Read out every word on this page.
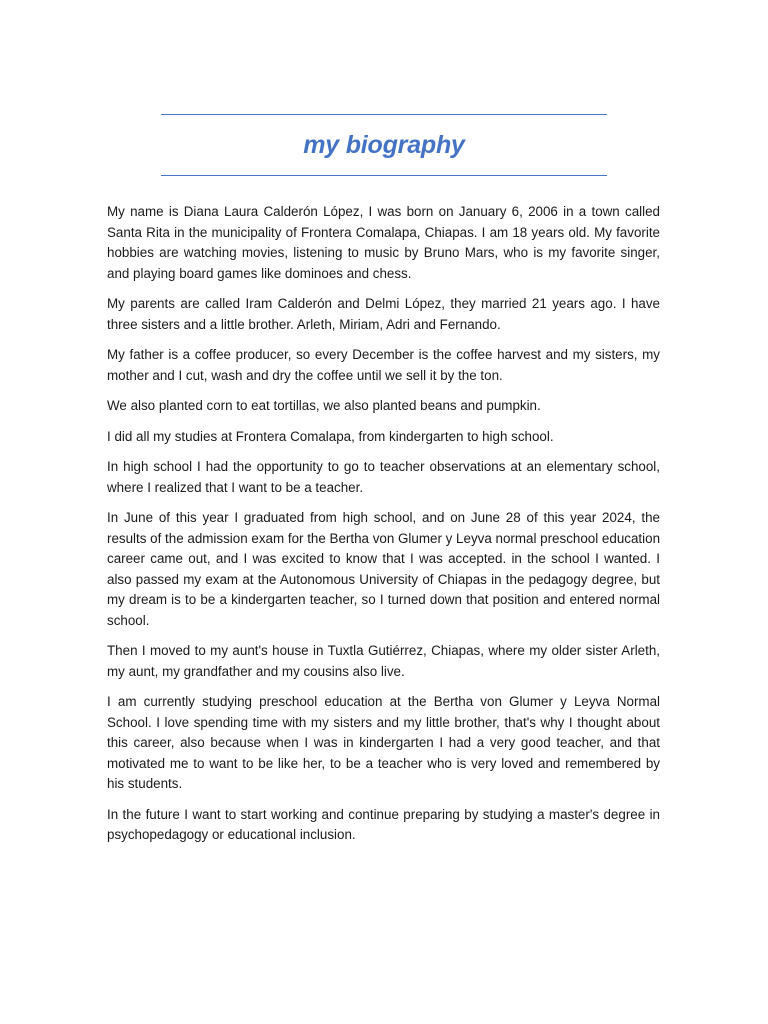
my biography

My name is Diana Laura Calderón López, I was born on January 6, 2006 in a town called Santa Rita in the municipality of Frontera Comalapa, Chiapas. I am 18 years old. My favorite hobbies are watching movies, listening to music by Bruno Mars, who is my favorite singer, and playing board games like dominoes and chess.

My parents are called Iram Calderón and Delmi López, they married 21 years ago. I have three sisters and a little brother. Arleth, Miriam, Adri and Fernando.

My father is a coffee producer, so every December is the coffee harvest and my sisters, my mother and I cut, wash and dry the coffee until we sell it by the ton.

We also planted corn to eat tortillas, we also planted beans and pumpkin.

I did all my studies at Frontera Comalapa, from kindergarten to high school.

In high school I had the opportunity to go to teacher observations at an elementary school, where I realized that I want to be a teacher.

In June of this year I graduated from high school, and on June 28 of this year 2024, the results of the admission exam for the Bertha von Glumer y Leyva normal preschool education career came out, and I was excited to know that I was accepted. in the school I wanted. I also passed my exam at the Autonomous University of Chiapas in the pedagogy degree, but my dream is to be a kindergarten teacher, so I turned down that position and entered normal school.

Then I moved to my aunt's house in Tuxtla Gutiérrez, Chiapas, where my older sister Arleth, my aunt, my grandfather and my cousins also live.

I am currently studying preschool education at the Bertha von Glumer y Leyva Normal School. I love spending time with my sisters and my little brother, that's why I thought about this career, also because when I was in kindergarten I had a very good teacher, and that motivated me to want to be like her, to be a teacher who is very loved and remembered by his students.

In the future I want to start working and continue preparing by studying a master's degree in psychopedagogy or educational inclusion.
